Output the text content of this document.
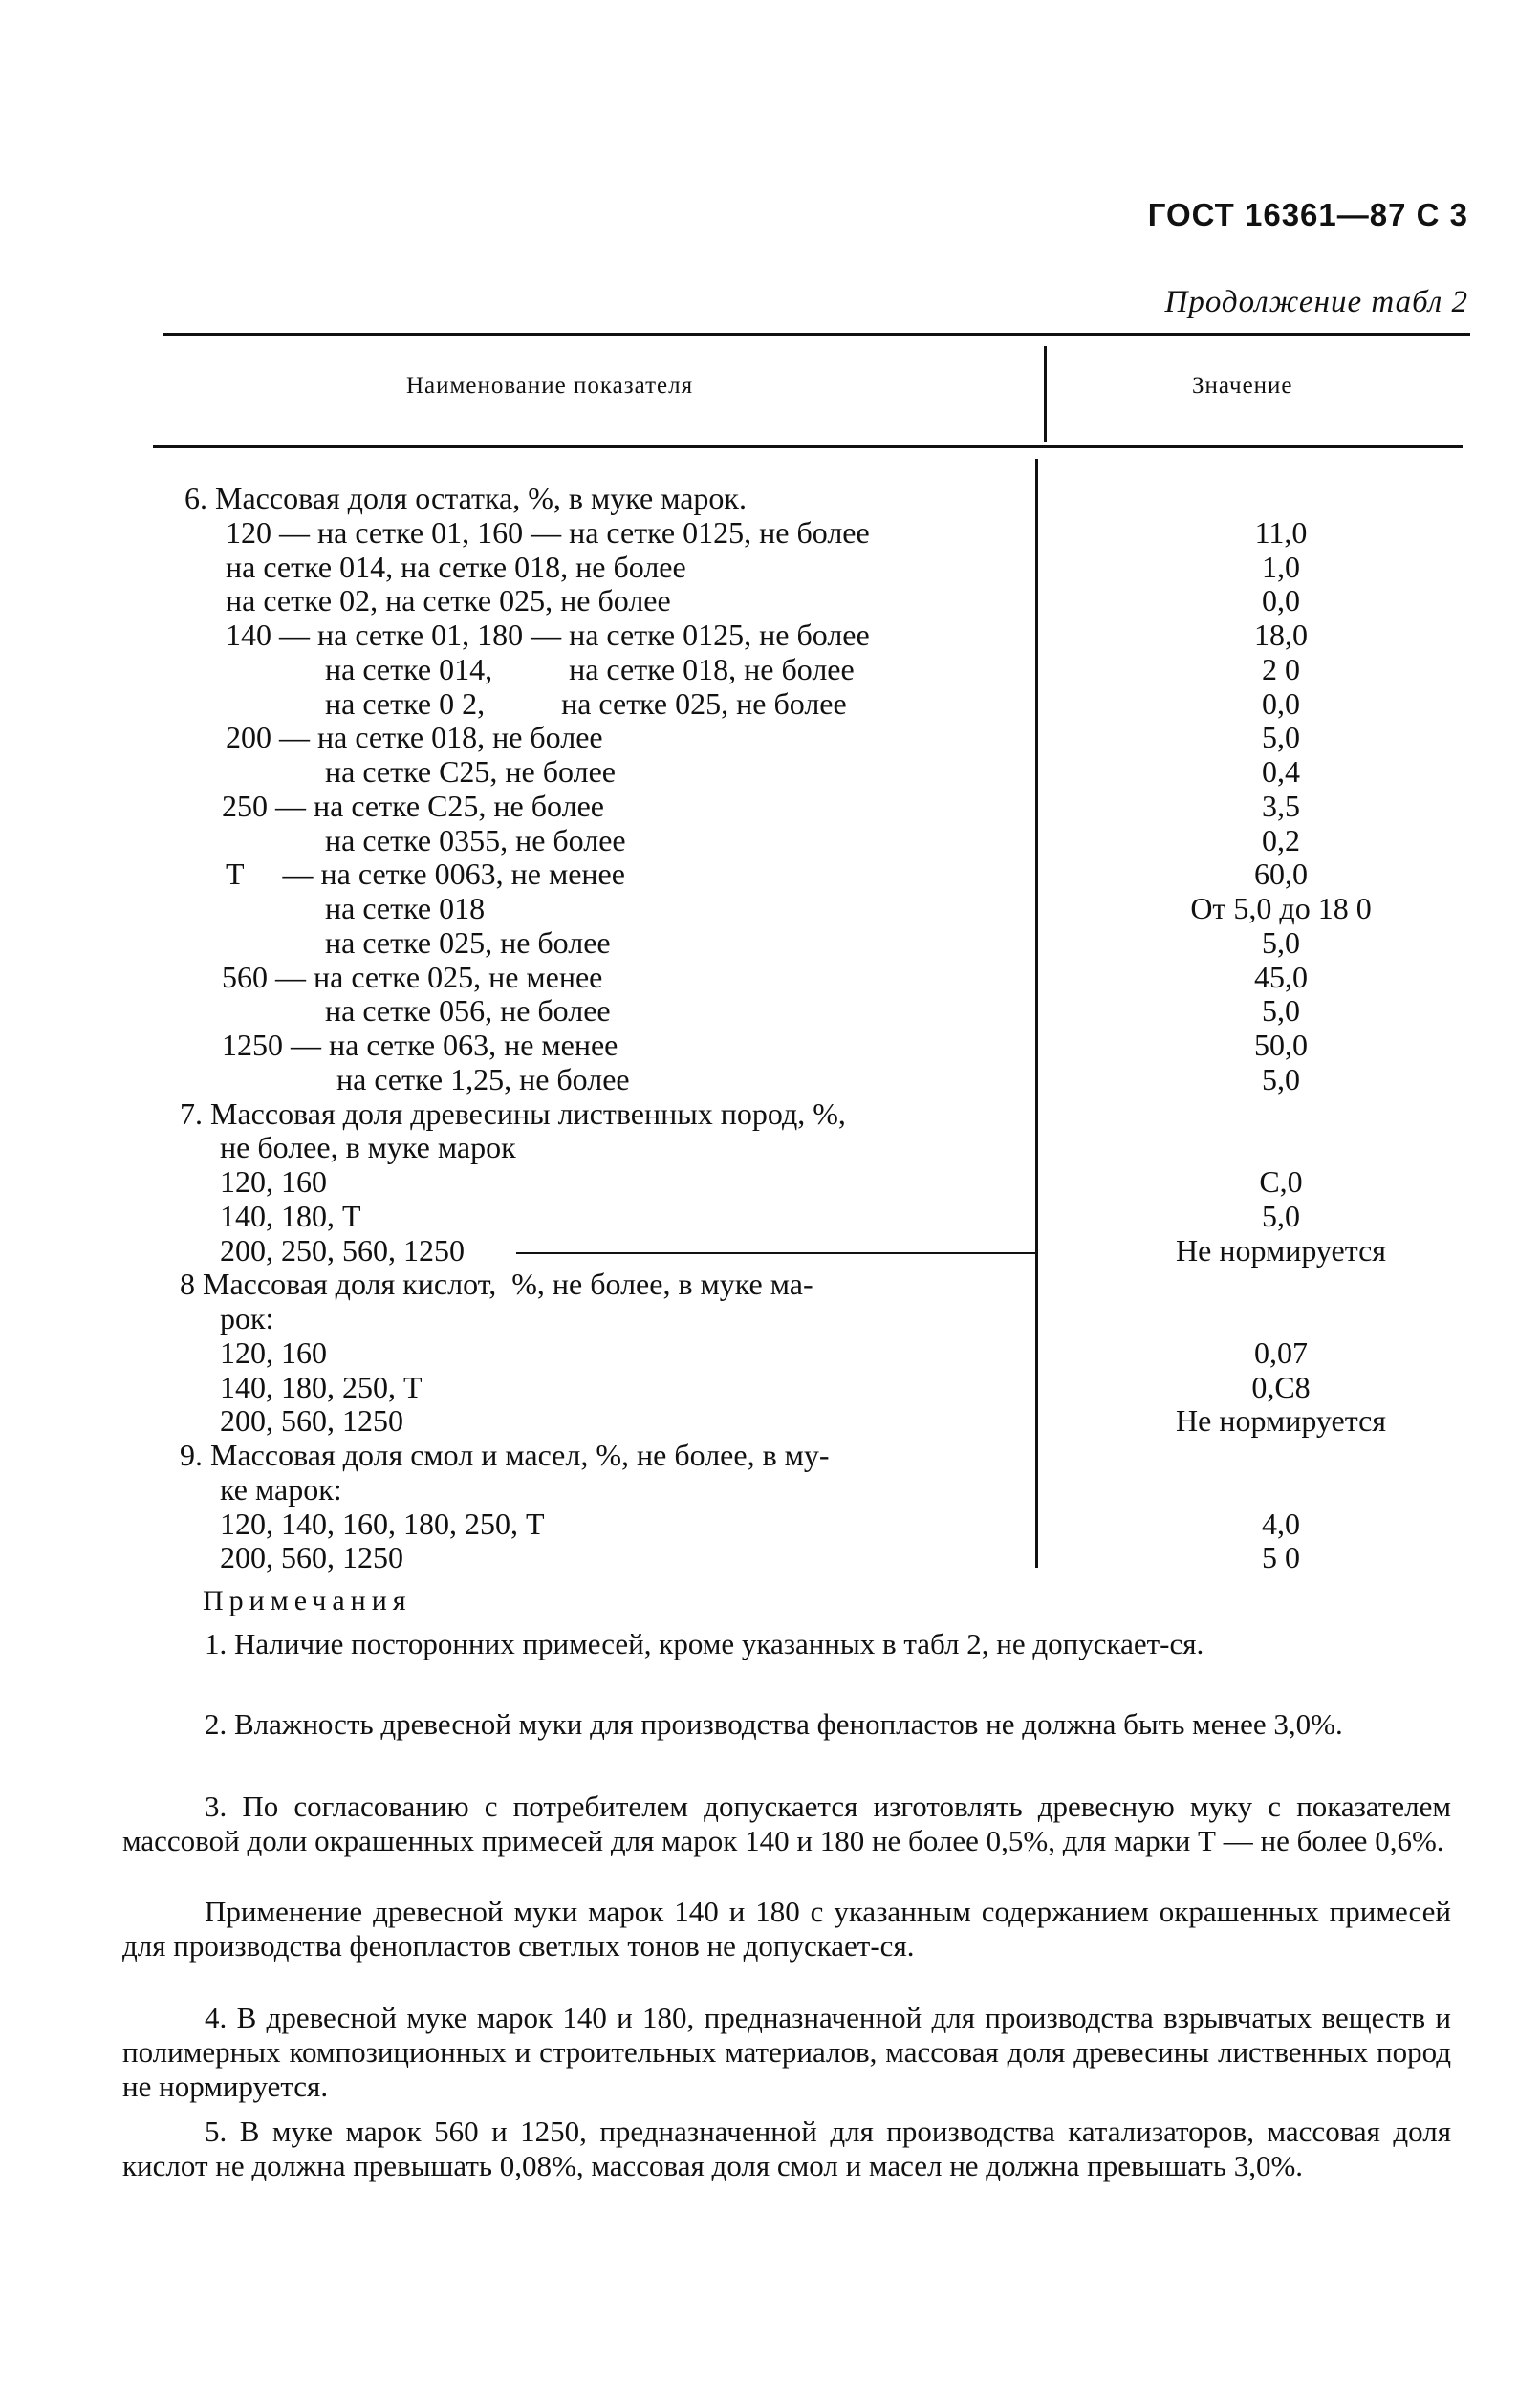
ГОСТ 16361—87 С 3
Продолжение табл 2
Наименование показателя	Значение
6. Массовая доля остатка, %, в муке марок.
120 — на сетке 01, 160 — на сетке 0125, не более	11,0
на сетке 014, на сетке 018, не более	1,0
на сетке 02, на сетке 025, не более	0,0
140 — на сетке 01, 180 — на сетке 0125, не более	18,0
на сетке 014,          на сетке 018, не более	2 0
на сетке 0 2,          на сетке 025, не более	0,0
200 — на сетке 018, не более	5,0
на сетке С25, не более	0,4
250 — на сетке С25, не более	3,5
на сетке 0355, не более	0,2
Т     — на сетке 0063, не менее	60,0
на сетке 018	От 5,0 до 18 0
на сетке 025, не более	5,0
560 — на сетке 025, не менее	45,0
на сетке 056, не более	5,0
1250 — на сетке 063, не менее	50,0
на сетке 1,25, не более	5,0
7. Массовая доля древесины лиственных пород, %,
не более, в муке марок
120, 160	С,0
140, 180, Т	5,0
200, 250, 560, 1250	Не нормируется
8 Массовая доля кислот,  %, не более, в муке ма-
рок:
120, 160	0,07
140, 180, 250, Т	0,С8
200, 560, 1250	Не нормируется
9. Массовая доля смол и масел, %, не более, в му-
ке марок:
120, 140, 160, 180, 250, Т	4,0
200, 560, 1250	5 0
Примечания
1. Наличие посторонних примесей, кроме указанных в табл 2, не допускает-ся.
2. Влажность древесной муки для производства фенопластов не должна быть менее 3,0%.
3. По согласованию с потребителем допускается изготовлять древесную муку с показателем массовой доли окрашенных примесей для марок 140 и 180 не более 0,5%, для марки Т — не более 0,6%.
Применение древесной муки марок 140 и 180 с указанным содержанием окрашенных примесей для производства фенопластов светлых тонов не допускает-ся.
4. В древесной муке марок 140 и 180, предназначенной для производства взрывчатых веществ и полимерных композиционных и строительных материалов, массовая доля древесины лиственных пород не нормируется.
5. В муке марок 560 и 1250, предназначенной для производства катализаторов, массовая доля кислот не должна превышать 0,08%, массовая доля смол и масел не должна превышать 3,0%.
